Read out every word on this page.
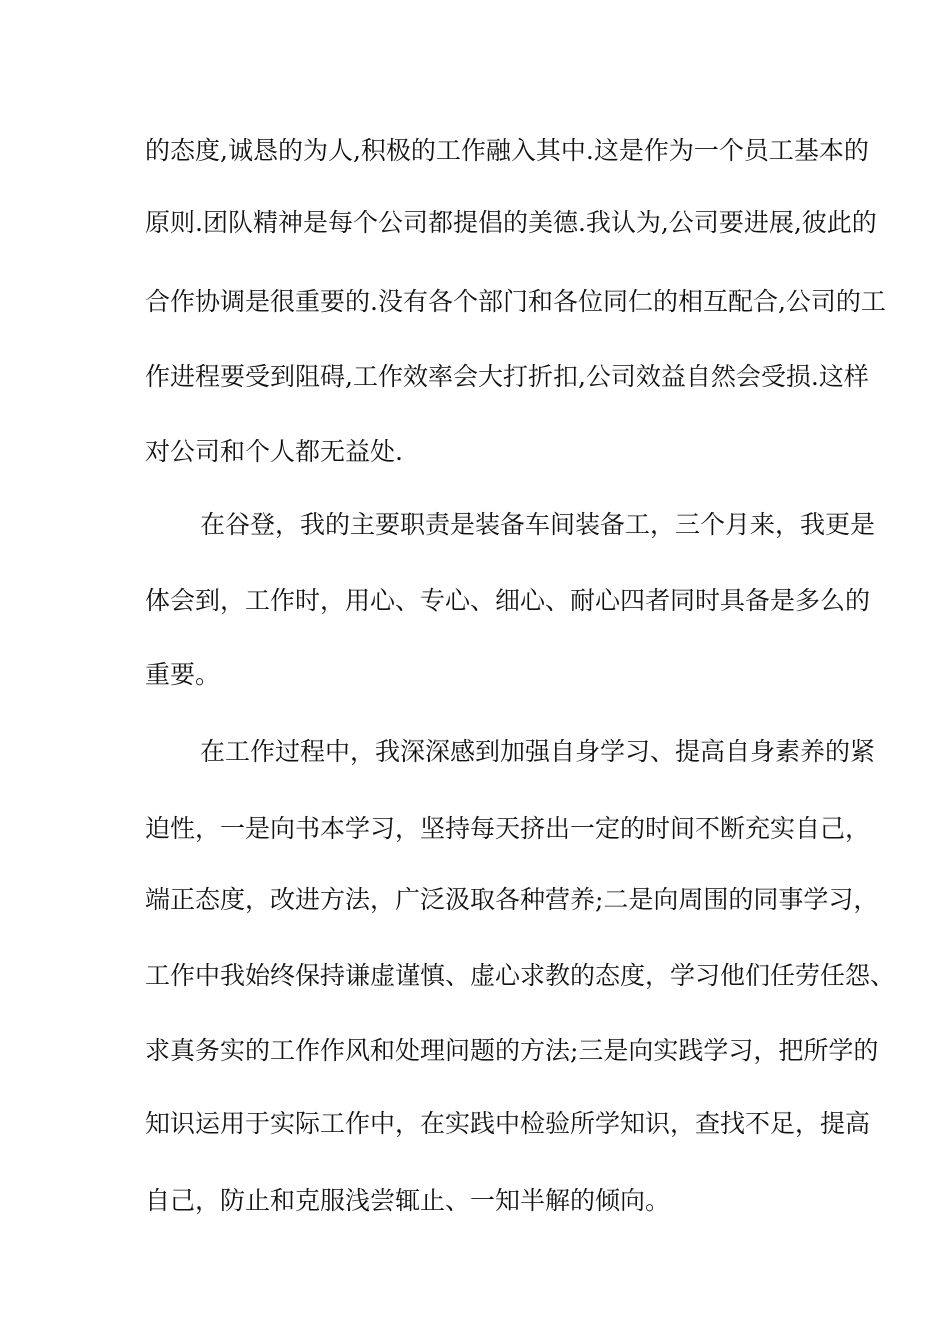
的态度,诚恳的为人,积极的工作融入其中.这是作为一个员工基本的
原则.团队精神是每个公司都提倡的美德.我认为,公司要进展,彼此的
合作协调是很重要的.没有各个部门和各位同仁的相互配合,公司的工
作进程要受到阻碍,工作效率会大打折扣,公司效益自然会受损.这样
对公司和个人都无益处.
在谷登，我的主要职责是装备车间装备工，三个月来，我更是
体会到，工作时，用心、专心、细心、耐心四者同时具备是多么的
重要。
在工作过程中，我深深感到加强自身学习、提高自身素养的紧
迫性，一是向书本学习，坚持每天挤出一定的时间不断充实自己，
端正态度，改进方法，广泛汲取各种营养;二是向周围的同事学习，
工作中我始终保持谦虚谨慎、虚心求教的态度，学习他们任劳任怨、
求真务实的工作作风和处理问题的方法;三是向实践学习，把所学的
知识运用于实际工作中，在实践中检验所学知识，查找不足，提高
自己，防止和克服浅尝辄止、一知半解的倾向。
